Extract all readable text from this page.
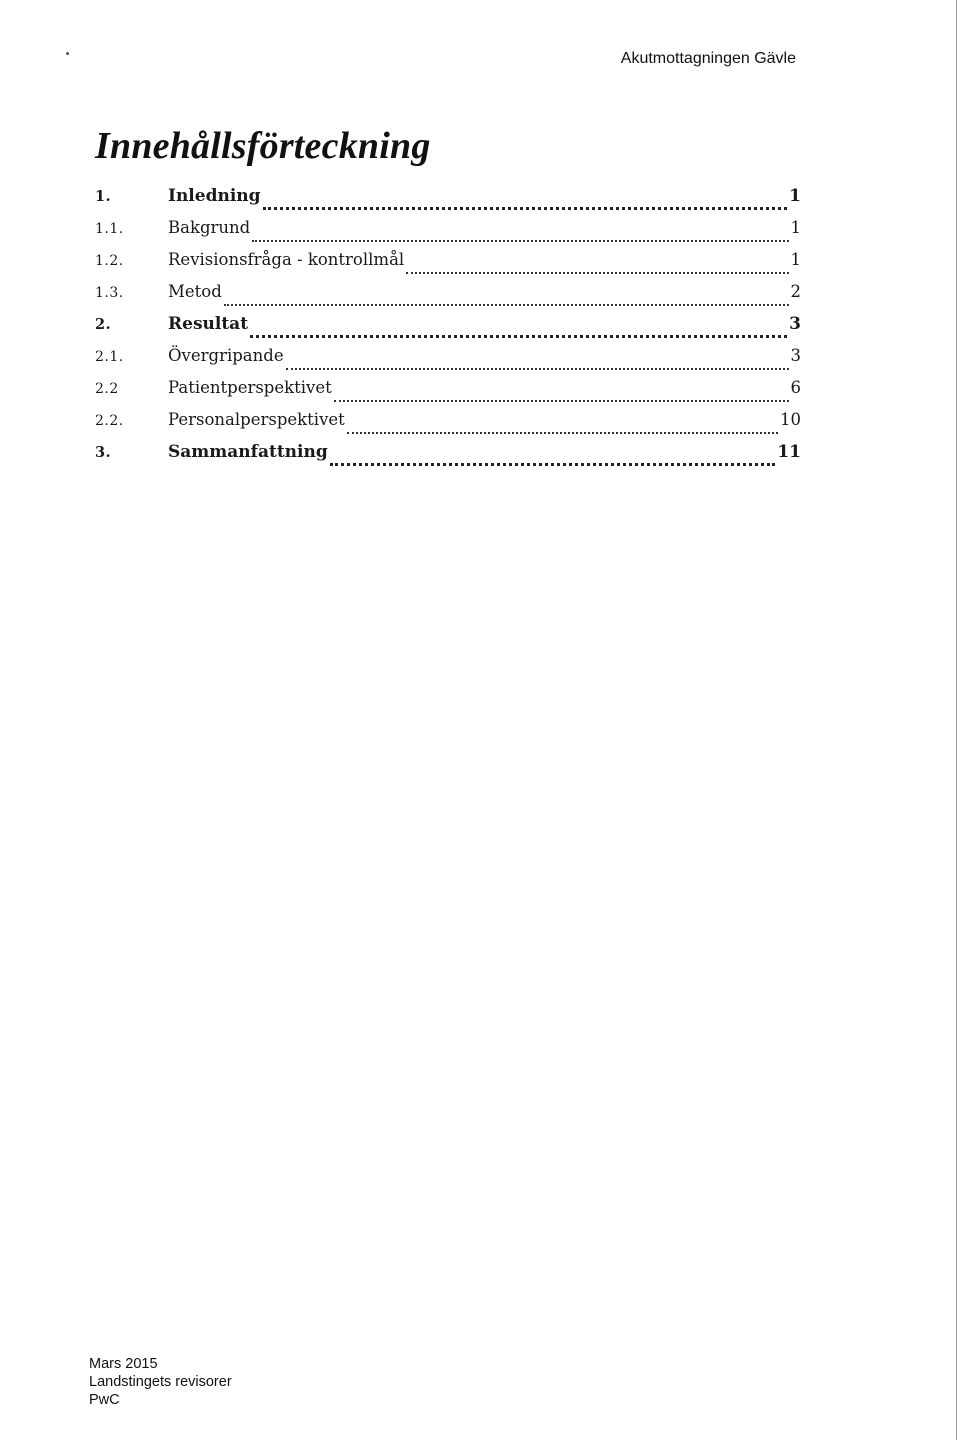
Akutmottagningen Gävle
Innehållsförteckning
1.	Inledning	1
1.1.	Bakgrund	1
1.2.	Revisionsfråga - kontrollmål	1
1.3.	Metod	2
2.	Resultat	3
2.1.	Övergripande	3
2.2	Patientperspektivet	6
2.2.	Personalperspektivet	10
3.	Sammanfattning	11
Mars 2015
Landstingets revisorer
PwC
